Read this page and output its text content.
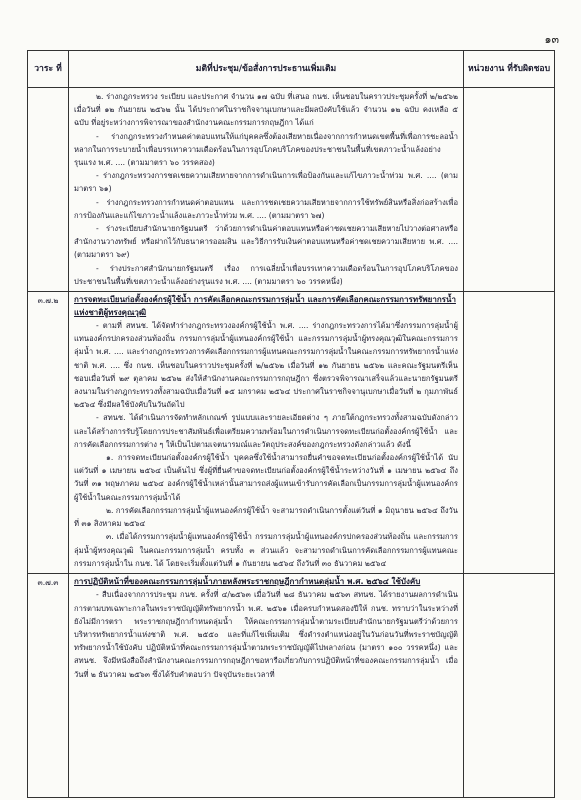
๑๓
วาระ ที่	มติที่ประชุม/ข้อสั่งการประธานเพิ่มเติม	หน่วยงาน ที่รับผิดชอบ

๒. ร่างกฎกระทรวง ระเบียบ และประกาศ จำนวน ๑๗ ฉบับ ที่เสนอ กนช. เห็นชอบในคราวประชุมครั้งที่ ๒/๒๕๖๒ เมื่อวันที่ ๑๒ กันยายน ๒๕๖๒ นั้น ได้ประกาศในราชกิจจานุเบกษาและมีผลบังคับใช้แล้ว จำนวน ๑๒ ฉบับ คงเหลือ ๕ ฉบับ ที่อยู่ระหว่างการพิจารณาของสำนักงานคณะกรรมการกฤษฎีกา ได้แก่

- ร่างกฎกระทรวงกำหนดค่าตอบแทนให้แก่บุคคลซึ่งต้องเสียหายเนื่องจากการกำหนดเขตพื้นที่เพื่อการชะลอน้ำหลากในการระบายน้ำเพื่อบรรเทาความเดือดร้อนในการอุปโภคบริโภคของประชาชนในพื้นที่เขตภาวะน้ำแล้งอย่างรุนแรง พ.ศ. .... (ตามมาตรา ๖๐ วรรคสอง)

- ร่างกฎกระทรวงการชดเชยความเสียหายจากการดำเนินการเพื่อป้องกันและแก้ไขภาวะน้ำท่วม พ.ศ. .... (ตามมาตรา ๖๑)

- ร่างกฎกระทรวงการกำหนดค่าตอบแทน และการชดเชยความเสียหายจากการใช้ทรัพย์สินหรือสิ่งก่อสร้างเพื่อการป้องกันและแก้ไขภาวะน้ำแล้งและภาวะน้ำท่วม พ.ศ. .... (ตามมาตรา ๖๗)

- ร่างระเบียบสำนักนายกรัฐมนตรี ว่าด้วยการดำเนินค่าตอบแทนหรือค่าชดเชยความเสียหายไปวางต่อศาลหรือสำนักงานวางทรัพย์ หรือฝากไว้กับธนาคารออมสิน และวิธีการรับเงินค่าตอบแทนหรือค่าชดเชยความเสียหาย พ.ศ. .... (ตามมาตรา ๖๙)

- ร่างประกาศสำนักนายกรัฐมนตรี เรื่อง การเฉลี่ยน้ำเพื่อบรรเทาความเดือดร้อนในการอุปโภคบริโภคของประชาชนในพื้นที่เขตภาวะน้ำแล้งอย่างรุนแรง พ.ศ. .... (ตามมาตรา ๖๐ วรรคหนึ่ง)

๓.๗.๒	การจดทะเบียนก่อตั้งองค์กรผู้ใช้น้ำ การคัดเลือกคณะกรรมการลุ่มน้ำ และการคัดเลือกคณะกรรมการทรัพยากรน้ำแห่งชาติผู้ทรงคุณวุฒิ

- ตามที่ สทนช. ได้จัดทำร่างกฎกระทรวงองค์กรผู้ใช้น้ำ พ.ศ. .... ร่างกฎกระทรวงการได้มาซึ่งกรรมการลุ่มน้ำผู้แทนองค์กรปกครองส่วนท้องถิ่น กรรมการลุ่มน้ำผู้แทนองค์กรผู้ใช้น้ำ และกรรมการลุ่มน้ำผู้ทรงคุณวุฒิในคณะกรรมการลุ่มน้ำ พ.ศ. .... และร่างกฎกระทรวงการคัดเลือกกรรมการผู้แทนคณะกรรมการลุ่มน้ำในคณะกรรมการทรัพยากรน้ำแห่งชาติ พ.ศ. .... ซึ่ง กนช. เห็นชอบในคราวประชุมครั้งที่ ๒/๒๕๖๒ เมื่อวันที่ ๑๒ กันยายน ๒๕๖๒ และคณะรัฐมนตรีเห็นชอบเมื่อวันที่ ๒๙ ตุลาคม ๒๕๖๒ ส่งให้สำนักงานคณะกรรมการกฤษฎีกา ซึ่งตรวจพิจารณาเสร็จแล้วและนายกรัฐมนตรีลงนามในร่างกฎกระทรวงทั้งสามฉบับเมื่อวันที่ ๑๕ มกราคม ๒๕๖๔ ประกาศในราชกิจจานุเบกษาเมื่อวันที่ ๒ กุมภาพันธ์ ๒๕๖๔ ซึ่งมีผลใช้บังคับในวันถัดไป

- สทนช. ได้ดำเนินการจัดทำหลักเกณฑ์ รูปแบบและรายละเอียดต่าง ๆ ภายใต้กฎกระทรวงทั้งสามฉบับดังกล่าว และได้สร้างการรับรู้โดยการประชาสัมพันธ์เพื่อเตรียมความพร้อมในการดำเนินการจดทะเบียนก่อตั้งองค์กรผู้ใช้น้ำ และการคัดเลือกกรรมการต่าง ๆ ให้เป็นไปตามเจตนารมณ์และวัตถุประสงค์ของกฎกระทรวงดังกล่าวแล้ว ดังนี้

๑. การจดทะเบียนก่อตั้งองค์กรผู้ใช้น้ำ บุคคลซึ่งใช้น้ำสามารถยื่นคำขอจดทะเบียนก่อตั้งองค์กรผู้ใช้น้ำได้ นับแต่วันที่ ๑ เมษายน ๒๕๖๔ เป็นต้นไป ซึ่งผู้ที่ยื่นคำขอจดทะเบียนก่อตั้งองค์กรผู้ใช้น้ำระหว่างวันที่ ๑ เมษายน ๒๕๖๔ ถึงวันที่ ๓๑ พฤษภาคม ๒๕๖๔ องค์กรผู้ใช้น้ำเหล่านั้นสามารถส่งผู้แทนเข้ารับการคัดเลือกเป็นกรรมการลุ่มน้ำผู้แทนองค์กรผู้ใช้น้ำในคณะกรรมการลุ่มน้ำได้

๒. การคัดเลือกกรรมการลุ่มน้ำผู้แทนองค์กรผู้ใช้น้ำ จะสามารถดำเนินการตั้งแต่วันที่ ๑ มิถุนายน ๒๕๖๔ ถึงวันที่ ๓๑ สิงหาคม ๒๕๖๔

๓. เมื่อได้กรรมการลุ่มน้ำผู้แทนองค์กรผู้ใช้น้ำ กรรมการลุ่มน้ำผู้แทนองค์กรปกครองส่วนท้องถิ่น และกรรมการลุ่มน้ำผู้ทรงคุณวุฒิ ในคณะกรรมการลุ่มน้ำ ครบทั้ง ๓ ส่วนแล้ว จะสามารถดำเนินการคัดเลือกกรรมการผู้แทนคณะกรรมการลุ่มน้ำใน กนช. ได้ โดยจะเริ่มตั้งแต่วันที่ ๑ กันยายน ๒๕๖๔ ถึงวันที่ ๓๐ ธันวาคม ๒๕๖๔

๓.๗.๓	การปฏิบัติหน้าที่ของคณะกรรมการลุ่มน้ำภายหลังพระราชกฤษฎีกากำหนดลุ่มน้ำ พ.ศ. ๒๕๖๔ ใช้บังคับ

- สืบเนื่องจากการประชุม กนช. ครั้งที่ ๔/๒๕๖๓ เมื่อวันที่ ๒๘ ธันวาคม ๒๕๖๓ สทนช. ได้รายงานผลการดำเนินการตามบทเฉพาะกาลในพระราชบัญญัติทรัพยากรน้ำ พ.ศ. ๒๕๖๑ เมื่อครบกำหนดสองปีให้ กนช. ทราบว่าในระหว่างที่ยังไม่มีการตรา พระราชกฤษฎีกากำหนดลุ่มน้ำ ให้คณะกรรมการลุ่มน้ำตามระเบียบสำนักนายกรัฐมนตรีว่าด้วยการบริหารทรัพยากรน้ำแห่งชาติ พ.ศ. ๒๕๕๐ และที่แก้ไขเพิ่มเติม ซึ่งดำรงตำแหน่งอยู่ในวันก่อนวันที่พระราชบัญญัติทรัพยากรน้ำใช้บังคับ ปฏิบัติหน้าที่คณะกรรมการลุ่มน้ำตามพระราชบัญญัติไปพลางก่อน (มาตรา ๑๐๐ วรรคหนึ่ง) และ สทนช. จึงมีหนังสือถึงสำนักงานคณะกรรมการกฤษฎีกาขอหารือเกี่ยวกับการปฏิบัติหน้าที่ของคณะกรรมการลุ่มน้ำ เมื่อวันที่ ๒ ธันวาคม ๒๕๖๓ ซึ่งได้รับคำตอบว่า ปัจจุบันระยะเวลาที่
